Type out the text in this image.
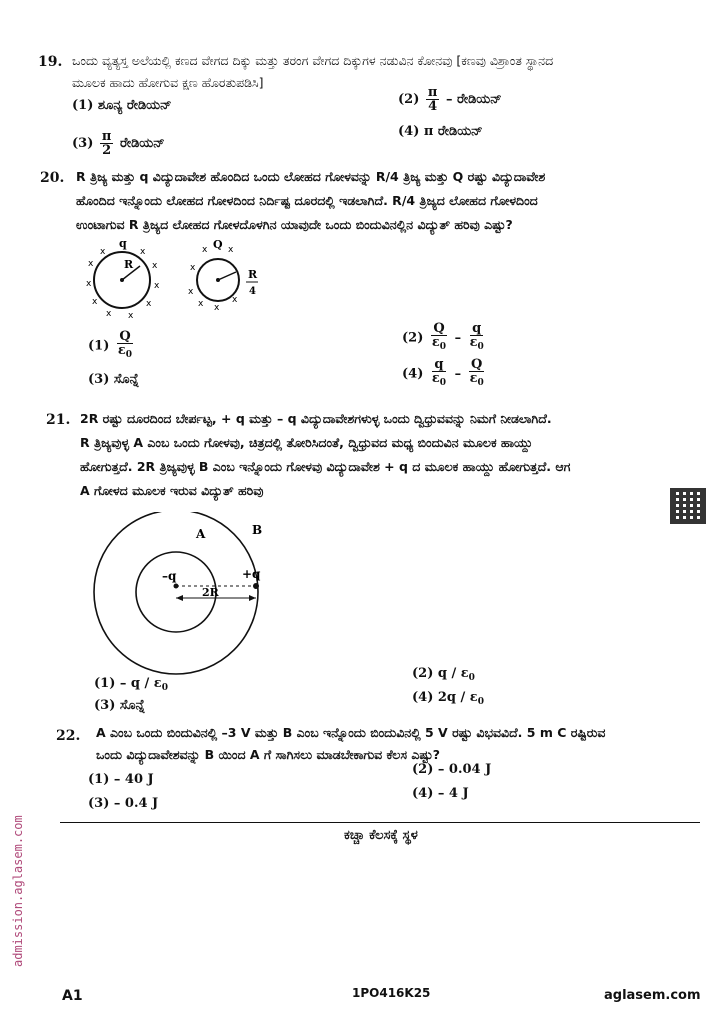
19. ಒಂದು ವ್ಯತ್ಯಸ್ತ ಅಲೆಯಲ್ಲಿ ಕಣದ ವೇಗದ ದಿಕ್ಕು ಮತ್ತು ತರಂಗ ವೇಗದ ದಿಕ್ಕುಗಳ ನಡುವಿನ ಕೋನವು [ಕಣವು ವಿಶ್ರಾಂತ ಸ್ಥಾನದ
ಮೂಲಕ ಹಾದು ಹೋಗುವ ಕ್ಷಣ ಹೊರತುಪಡಿಸಿ]
(1) ಶೂನ್ಯ ರೇಡಿಯನ್	$(2) \frac{\pi}{4}$ – ರೇಡಿಯನ್
$(3) \frac{\pi}{2}$ ರೇಡಿಯನ್
(4) π ರೇಡಿಯನ್
20. R ತ್ರಿಜ್ಯ ಮತ್ತು q ವಿದ್ಯುದಾವೇಶ ಹೊಂದಿದ ಒಂದು ಲೋಹದ ಗೋಳವನ್ನು R/4 ತ್ರಿಜ್ಯ ಮತ್ತು Q ರಷ್ಟು ವಿದ್ಯುದಾವೇಶ
ಹೊಂದಿದ ಇನ್ನೊಂದು ಲೋಹದ ಗೋಳದಿಂದ ನಿರ್ದಿಷ್ಟ ದೂರದಲ್ಲಿ ಇಡಲಾಗಿದೆ. R/4 ತ್ರಿಜ್ಯದ ಲೋಹದ ಗೋಳದಿಂದ
ಉಂಟಾಗುವ R ತ್ರಿಜ್ಯದ ಲೋಹದ ಗೋಳದೊಳಗಿನ ಯಾವುದೇ ಒಂದು ಬಿಂದುವಿನಲ್ಲಿನ ವಿದ್ಯುತ್ ಹರಿವು ಎಷ್ಟು?
R
q
x
x	x
x
x	x
x	x
x x
Q
R
4
x
x x
x
x x
x
$(1) \frac{Q}{\varepsilon_0}$	$(2) \frac{Q}{\varepsilon_0} - \frac{q}{\varepsilon_0}$
(3) ಸೊನ್ನೆ	$(4) \frac{q}{\varepsilon_0} - \frac{Q}{\varepsilon_0}$
21. 2R ರಷ್ಟು ದೂರದಿಂದ ಬೇರ್ಪಟ್ಟ, + q ಮತ್ತು – q ವಿದ್ಯುದಾವೇಶಗಳುಳ್ಳ ಒಂದು ದ್ವಿಧ್ರುವವನ್ನು ನಿಮಗೆ ನೀಡಲಾಗಿದೆ.
R ತ್ರಿಜ್ಯವುಳ್ಳ A ಎಂಬ ಒಂದು ಗೋಳವು, ಚಿತ್ರದಲ್ಲಿ ತೋರಿಸಿದಂತೆ, ದ್ವಿಧ್ರುವದ ಮಧ್ಯ ಬಿಂದುವಿನ ಮೂಲಕ ಹಾಯ್ದು
ಹೋಗುತ್ತದೆ. 2R ತ್ರಿಜ್ಯವುಳ್ಳ B ಎಂಬ ಇನ್ನೊಂದು ಗೋಳವು ವಿದ್ಯುದಾವೇಶ + q ದ ಮೂಲಕ ಹಾಯ್ದು ಹೋಗುತ್ತದೆ. ಆಗ
A ಗೋಳದ ಮೂಲಕ ಇರುವ ವಿದ್ಯುತ್ ಹರಿವು
A	B
–q	+q
2R
(1) – q / $\varepsilon_0$
(2) q / $\varepsilon_0$
(3) ಸೊನ್ನೆ
(4) $2q / \varepsilon_0$
22. A ಎಂಬ ಒಂದು ಬಿಂದುವಿನಲ್ಲಿ –3 V ಮತ್ತು B ಎಂಬ ಇನ್ನೊಂದು ಬಿಂದುವಿನಲ್ಲಿ 5 V ರಷ್ಟು ವಿಭವವಿದೆ. 5 m C ರಷ್ಟಿರುವ
ಒಂದು ವಿದ್ಯುದಾವೇಶವನ್ನು B ಯಿಂದ A ಗೆ ಸಾಗಿಸಲು ಮಾಡಬೇಕಾಗುವ ಕೆಲಸ ಎಷ್ಟು?
(1) – 40 J
(2) – 0.04 J
(3) – 0.4 J
(4) – 4 J
ಕಚ್ಚಾ ಕೆಲಸಕ್ಕೆ ಸ್ಥಳ
admission.aglasem.com
A1	1PO416K25	aglasem.com
